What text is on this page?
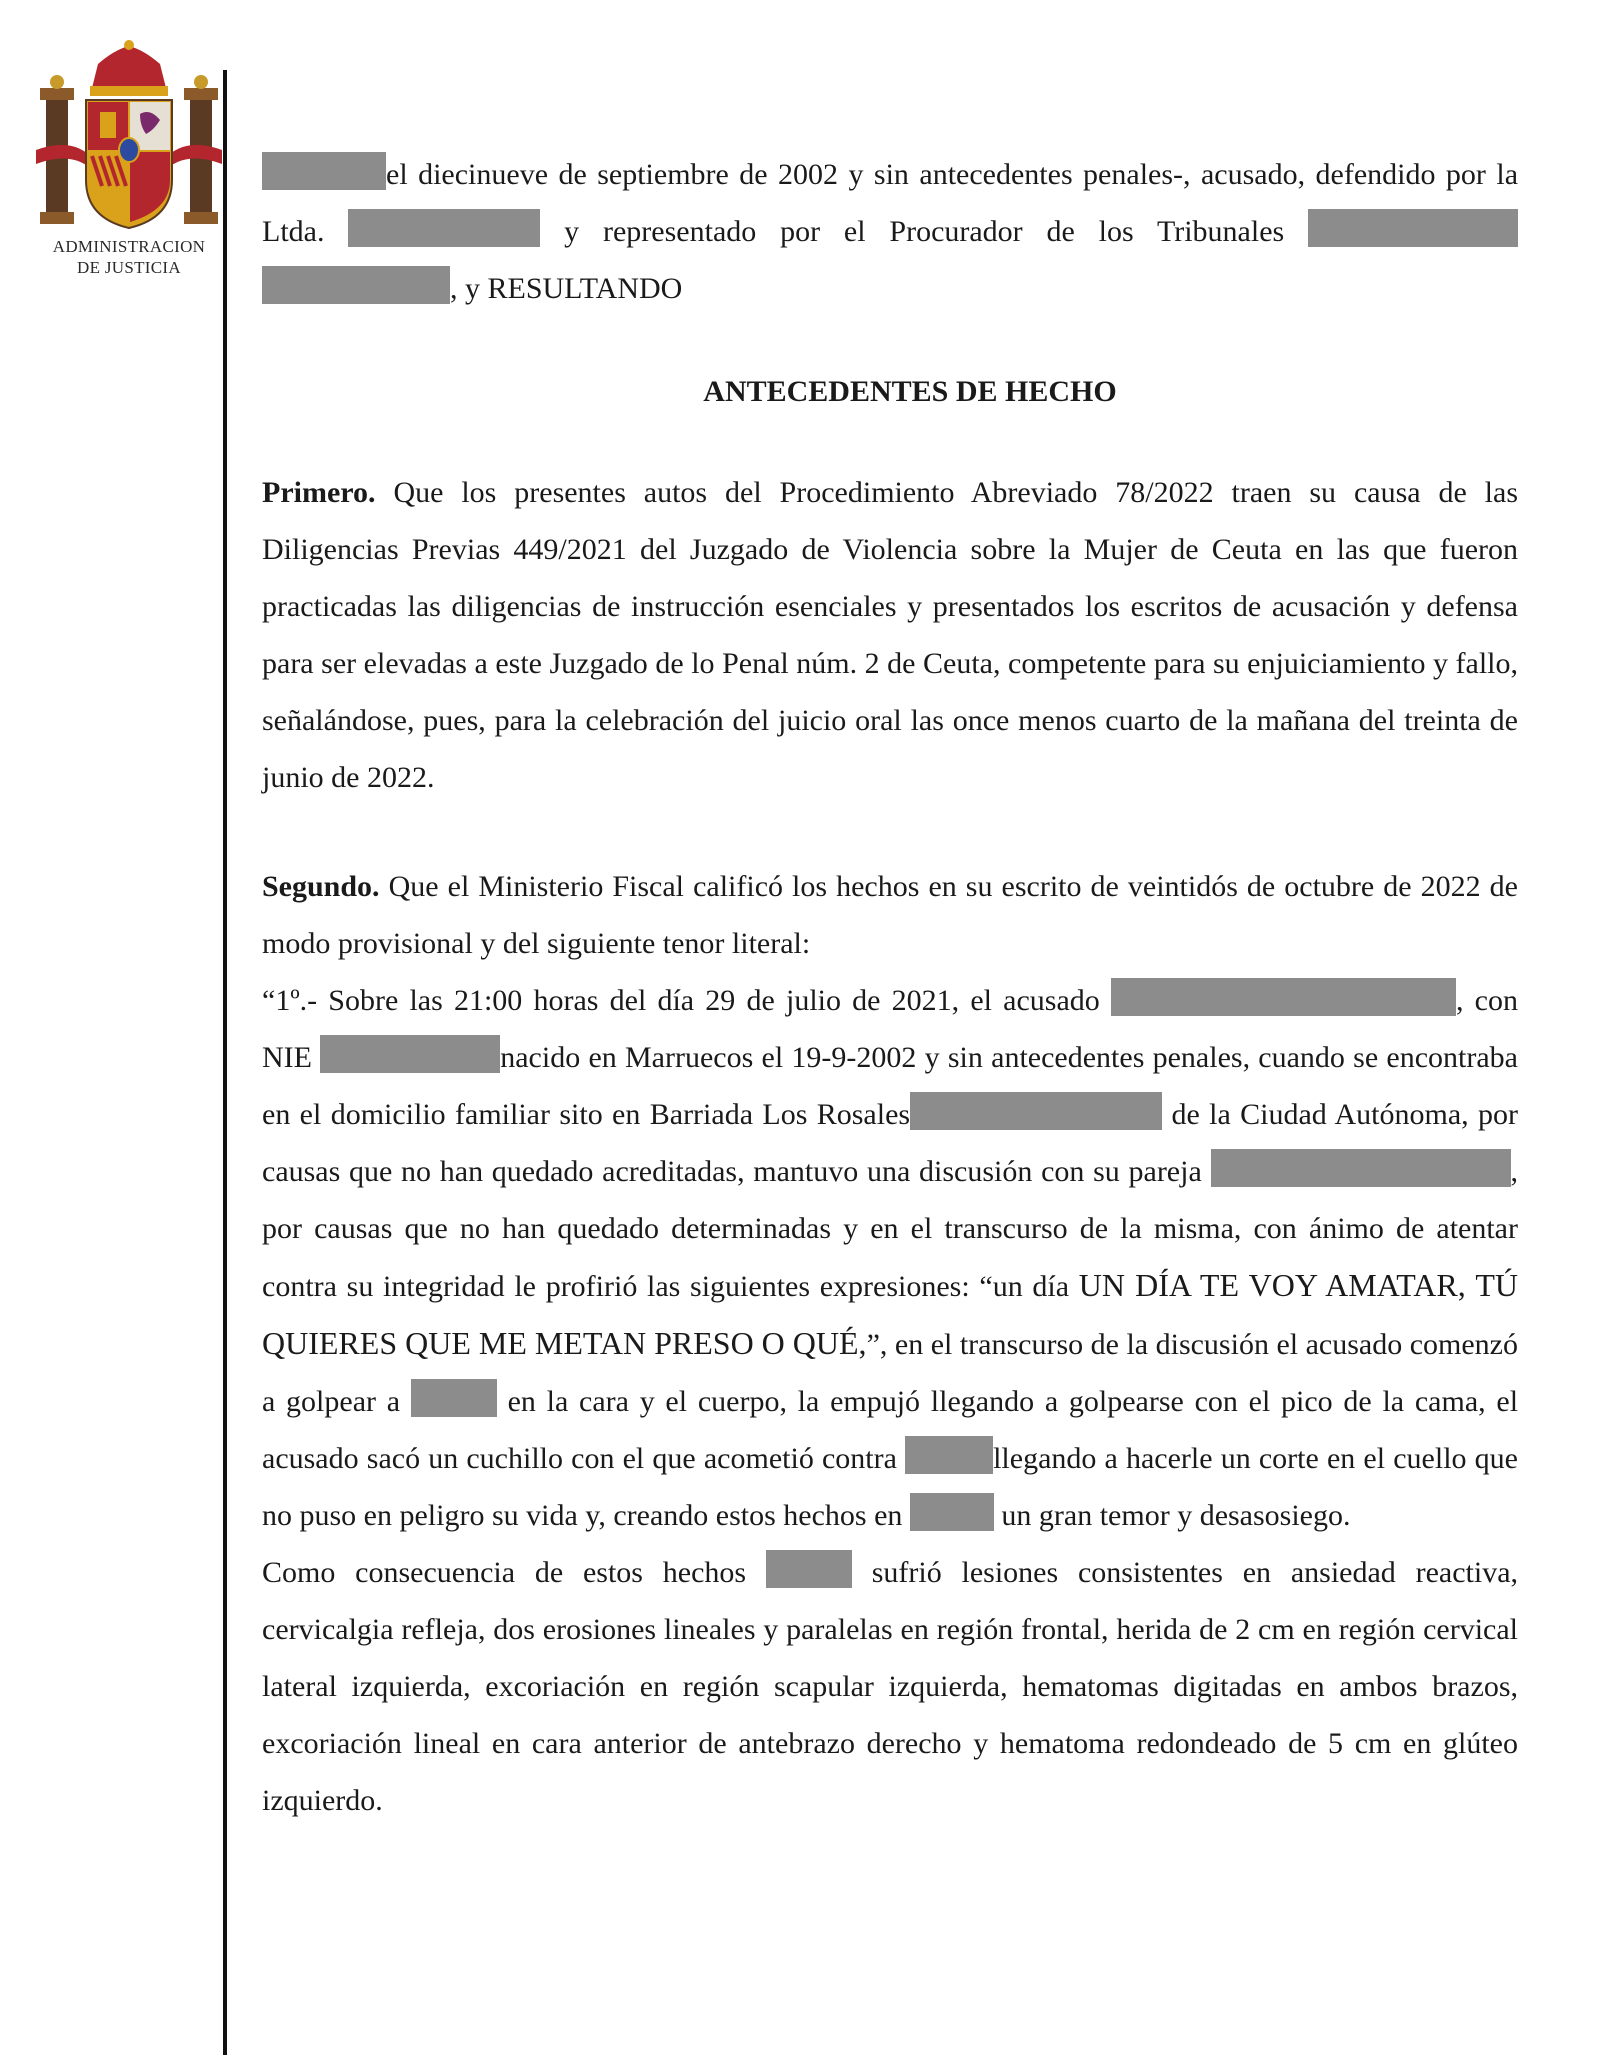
ADMINISTRACION
DE JUSTICIA

el diecinueve de septiembre de 2002 y sin antecedentes penales-, acusado, defendido por la Ltda.	y representado por el Procurador de los Tribunales  , y RESULTANDO

ANTECEDENTES DE HECHO

Primero. Que los presentes autos del Procedimiento Abreviado 78/2022 traen su causa de las Diligencias Previas 449/2021 del Juzgado de Violencia sobre la Mujer de Ceuta en las que fueron practicadas las diligencias de instrucción esenciales y presentados los escritos de acusación y defensa para ser elevadas a este Juzgado de lo Penal núm. 2 de Ceuta, competente para su enjuiciamiento y fallo, señalándose, pues, para la celebración del juicio oral las once menos cuarto de la mañana del treinta de junio de 2022.

Segundo. Que el Ministerio Fiscal calificó los hechos en su escrito de veintidós de octubre de 2022 de modo provisional y del siguiente tenor literal:

“1º.- Sobre las 21:00 horas del día 29 de julio de 2021, el acusado	, con NIE	nacido en Marruecos el 19-9-2002 y sin antecedentes penales, cuando se encontraba en el domicilio familiar sito en Barriada Los Rosales	de la Ciudad Autónoma, por causas que no han quedado acreditadas, mantuvo una discusión con su pareja	, por causas que no han quedado determinadas y en el transcurso de la misma, con ánimo de atentar contra su integridad le profirió las siguientes expresiones: “un día UN DÍA TE VOY AMATAR, TÚ QUIERES QUE ME METAN PRESO O QUÉ,”, en el transcurso de la discusión el acusado comenzó a golpear a	en la cara y el cuerpo, la empujó llegando a golpearse con el pico de la cama, el acusado sacó un cuchillo con el que acometió contra	llegando a hacerle un corte en el cuello que no puso en peligro su vida y, creando estos hechos en	un gran temor y desasosiego.

Como consecuencia de estos hechos	sufrió lesiones consistentes en ansiedad reactiva, cervicalgia refleja, dos erosiones lineales y paralelas en región frontal, herida de 2 cm en región cervical lateral izquierda, excoriación en región scapular izquierda, hematomas digitadas en ambos brazos, excoriación lineal en cara anterior de antebrazo derecho y hematoma redondeado de 5 cm en glúteo izquierdo.
